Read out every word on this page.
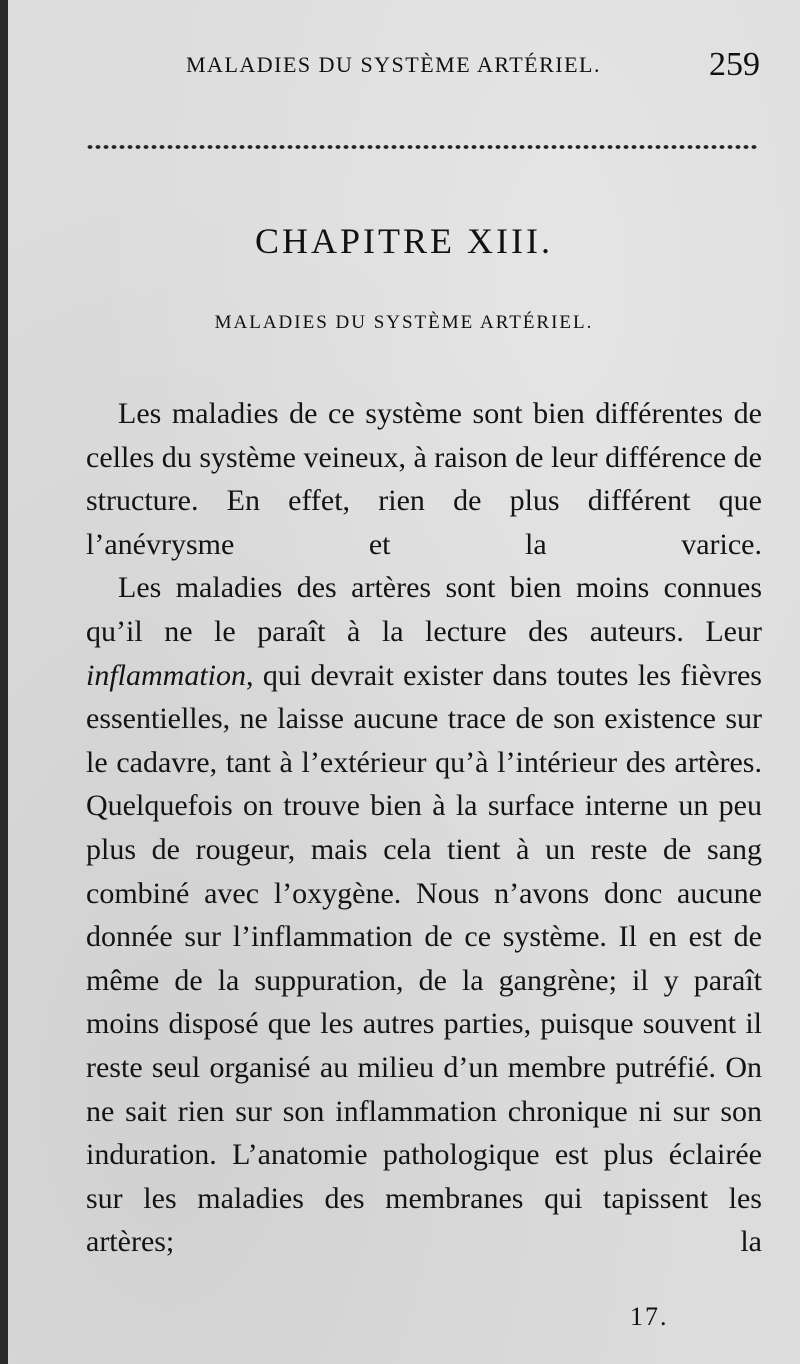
MALADIES DU SYSTÈME ARTÉRIEL.	259
CHAPITRE XIII.
MALADIES DU SYSTÈME ARTÉRIEL.

Les maladies de ce système sont bien différentes de celles du système veineux, à raison de leur différence de structure. En effet, rien de plus différent que l’anévrysme et la varice.

Les maladies des artères sont bien moins connues qu’il ne le paraît à la lecture des auteurs. Leur inflammation, qui devrait exister dans toutes les fièvres essentielles, ne laisse aucune trace de son existence sur le cadavre, tant à l’extérieur qu’à l’intérieur des artères. Quelquefois on trouve bien à la surface interne un peu plus de rougeur, mais cela tient à un reste de sang combiné avec l’oxygène. Nous n’avons donc aucune donnée sur l’inflammation de ce système. Il en est de même de la suppuration, de la gangrène; il y paraît moins disposé que les autres parties, puisque souvent il reste seul organisé au milieu d’un membre putréfié. On ne sait rien sur son inflammation chronique ni sur son induration. L’anatomie pathologique est plus éclairée sur les maladies des membranes qui tapissent les artères; la

17.
